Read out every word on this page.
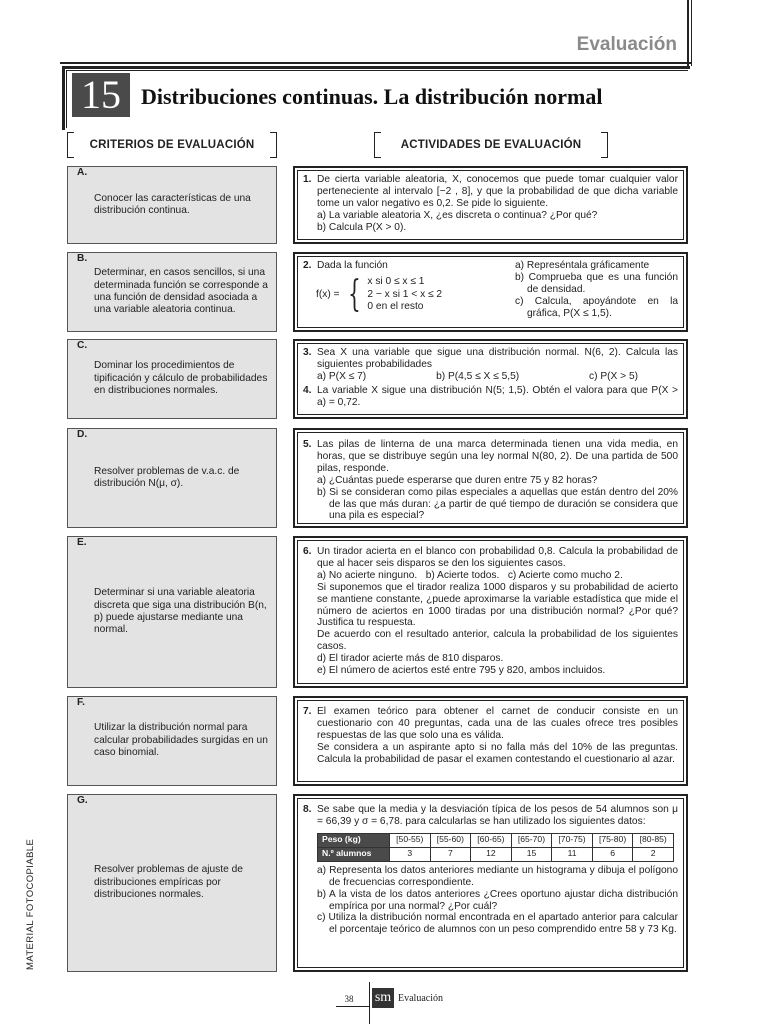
Evaluación
15 Distribuciones continuas. La distribución normal
CRITERIOS DE EVALUACIÓN	ACTIVIDADES DE EVALUACIÓN
A.
Conocer las características de una distribución continua.
B.
Determinar, en casos sencillos, si una determinada función se corresponde a una función de densidad asociada a una variable aleatoria continua.
C.
Dominar los procedimientos de tipificación y cálculo de probabilidades en distribuciones normales.
D.
Resolver problemas de v.a.c. de distribución N(μ, σ).
E.
Determinar si una variable aleatoria discreta que siga una distribución B(n, p) puede ajustarse mediante una normal.
F.
Utilizar la distribución normal para calcular probabilidades surgidas en un caso binomial.
G.
Resolver problemas de ajuste de distribuciones empíricas por distribuciones normales.
1. De cierta variable aleatoria, X, conocemos que puede tomar cualquier valor perteneciente al intervalo [−2 , 8], y que la probabilidad de que dicha variable tome un valor negativo es 0,2. Se pide lo siguiente.
a) La variable aleatoria X, ¿es discreta o continua? ¿Por qué?
b) Calcula P(X > 0).
2. Dada la función
f(x) = { x si 0 ≤ x ≤ 1
2 − x si 1 < x ≤ 2
0 en el resto
a) Represéntala gráficamente
b) Comprueba que es una función de densidad.
c) Calcula, apoyándote en la gráfica, P(X ≤ 1,5).
3. Sea X una variable que sigue una distribución normal. N(6, 2). Calcula las siguientes probabilidades
a) P(X ≤ 7)	b) P(4,5 ≤ X ≤ 5,5)	c) P(X > 5)
4. La variable X sigue una distribución N(5; 1,5). Obtén el valora para que P(X > a) = 0,72.
5. Las pilas de linterna de una marca determinada tienen una vida media, en horas, que se distribuye según una ley normal N(80, 2). De una partida de 500 pilas, responde.
a) ¿Cuántas puede esperarse que duren entre 75 y 82 horas?
b) Si se consideran como pilas especiales a aquellas que están dentro del 20% de las que más duran: ¿a partir de qué tiempo de duración se considera que una pila es especial?
6. Un tirador acierta en el blanco con probabilidad 0,8. Calcula la probabilidad de que al hacer seis disparos se den los siguientes casos.
a) No acierte ninguno.   b) Acierte todos.   c) Acierte como mucho 2.
Si suponemos que el tirador realiza 1000 disparos y su probabilidad de acierto se mantiene constante, ¿puede aproximarse la variable estadística que mide el número de aciertos en 1000 tiradas por una distribución normal? ¿Por qué? Justifica tu respuesta.
De acuerdo con el resultado anterior, calcula la probabilidad de los siguientes casos.
d) El tirador acierte más de 810 disparos.
e) El número de aciertos esté entre 795 y 820, ambos incluidos.
7. El examen teórico para obtener el carnet de conducir consiste en un cuestionario con 40 preguntas, cada una de las cuales ofrece tres posibles respuestas de las que solo una es válida.
Se considera a un aspirante apto si no falla más del 10% de las preguntas. Calcula la probabilidad de pasar el examen contestando el cuestionario al azar.
8. Se sabe que la media y la desviación típica de los pesos de 54 alumnos son μ = 66,39 y σ = 6,78. para calcularlas se han utilizado los siguientes datos:
Peso (kg)	[50-55)	[55-60)	[60-65)	[65-70)	[70-75)	[75-80)	[80-85)
N.º alumnos	3	7	12	15	11	6	2
a) Representa los datos anteriores mediante un histograma y dibuja el polígono de frecuencias correspondiente.
b) A la vista de los datos anteriores ¿Crees oportuno ajustar dicha distribución empírica por una normal? ¿Por cuál?
c) Utiliza la distribución normal encontrada en el apartado anterior para calcular el porcentaje teórico de alumnos con un peso comprendido entre 58 y 73 Kg.
MATERIAL FOTOCOPIABLE
38	sm Evaluación
